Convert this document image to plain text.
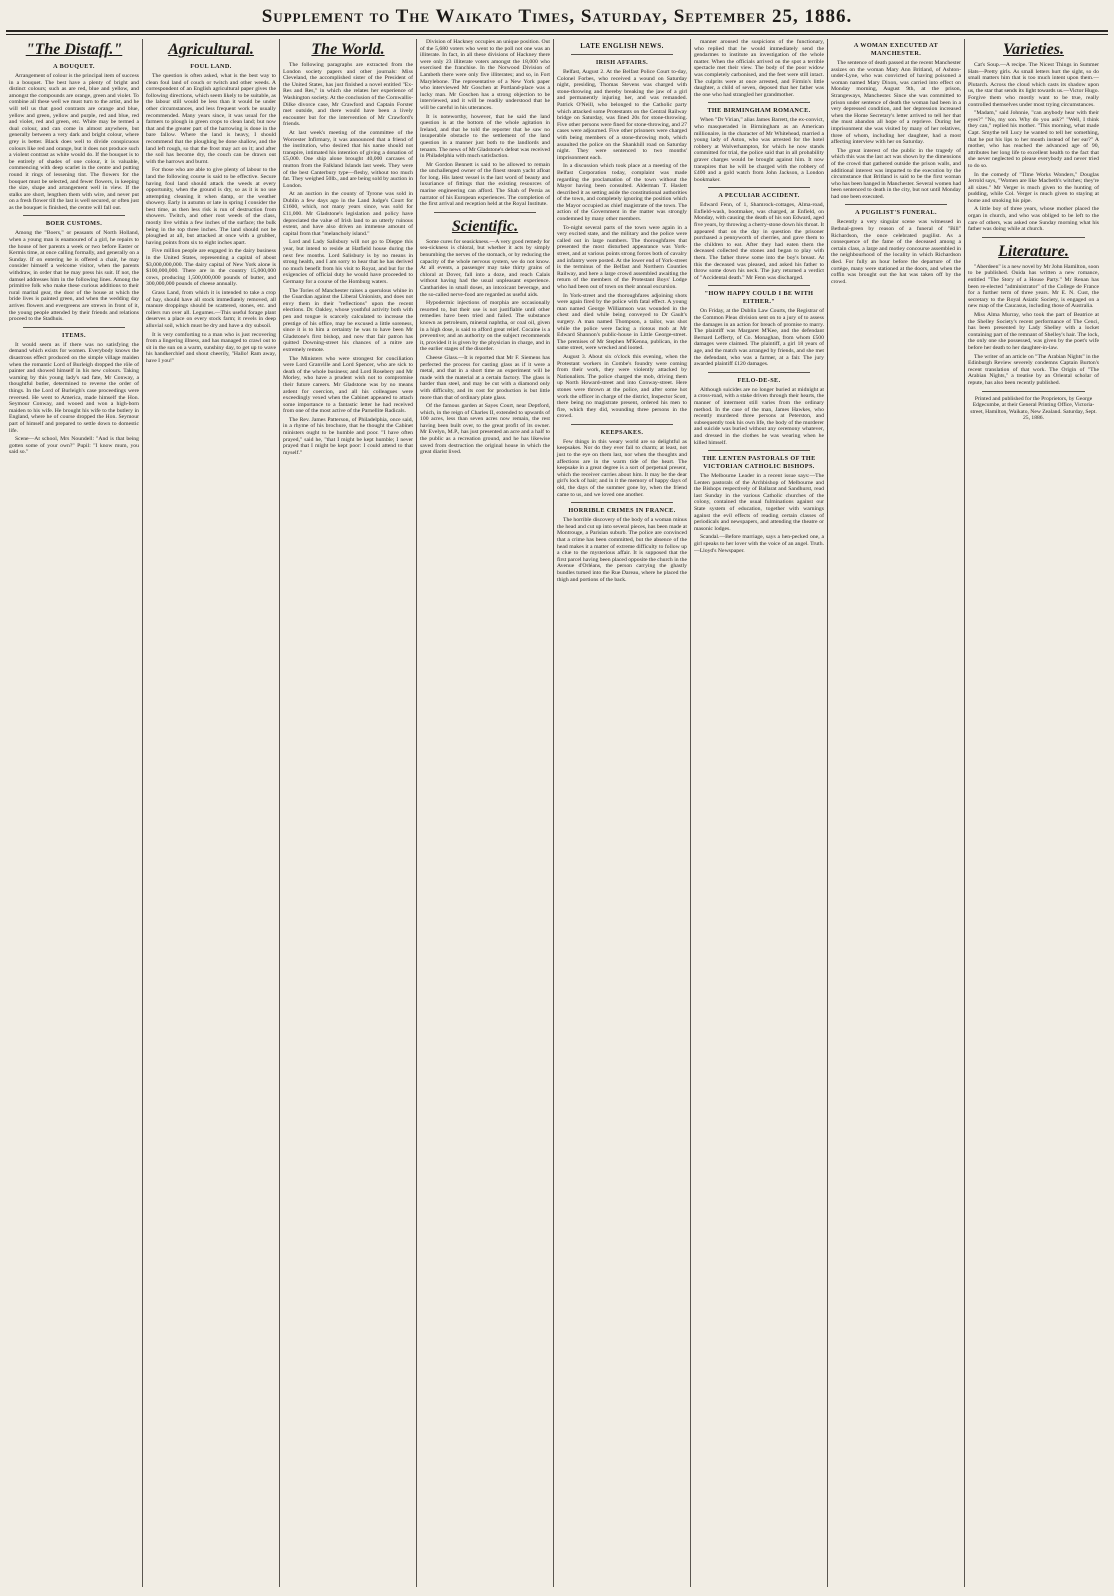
Supplement to The Waikato Times, Saturday, September 25, 1886.
"The Distaff."
A BOUQUET.

Arrangement of colour is the principal item of success in a bouquet. The best have a plenty of bright and distinct colours; such as are red, blue and yellow, and amongst the compounds are orange, green and violet. To combine all these well we must turn to the artist, and he will tell us that good contrasts are orange and blue, yellow and green, yellow and purple, red and blue, red and violet, red and green, etc. White may be termed a dual colour, and can come in almost anywhere, but generally between a very dark and bright colour, where grey is better. Black does well to divide conspicuous colours like red and orange, but it does not produce such a violent contrast as white would do. If the bouquet is to be entirely of shades of one colour, it is valuable, commencing with deep scarlet in the centre and putting round it rings of lessening tint. The flowers for the bouquet must be selected, and fewer flowers, in keeping the size, shape and arrangement well in view. If the stalks are short, lengthen them with wire, and never put on a fresh flower till the last is well secured, or often just as the bouquet is finished, the centre will fall out.

BOER CUSTOMS.

Among the "Boers," or peasants of North Holland, when a young man is enamoured of a girl, he repairs to the house of her parents a week or two before Easter or Kermis time, at once calling formally, and generally on a Sunday. If on entering he is offered a chair, he may consider himself a welcome visitor, when the parents withdraw, in order that he may press his suit. If not, the damsel addresses him in the following lines. Among the primitive folk who make these curious additions to their rural marital gear, the door of the house at which the bride lives is painted green, and when the wedding day arrives flowers and evergreens are strewn in front of it, the young people attended by their friends and relations proceed to the Stadhuis.

ITEMS.

It would seem as if there was no satisfying the demand which exists for women. Everybody knows the disastrous effect produced on the simple village maiden when the romantic Lord of Burleigh dropped the rôle of painter and showed himself in his new colours. Taking warning by this young lady's sad fate, Mr Conway, a thoughtful butler, determined to reverse the order of things. In the Lord of Burleigh's case proceedings were reversed. He went to America, made himself the Hon. Seymour Conway, and wooed and won a high-born maiden to his wife. He brought his wife to the butlery in England, where he of course dropped the Hon. Seymour part of himself and prepared to settle down to domestic life.

Scene—At school, Mrs Noundell: "And is that being gotten some of your own?" Pupil: "I know mum, you said so."

Agricultural.
FOUL LAND.

The question is often asked, what is the best way to clean foul land of couch or twitch and other weeds. A correspondent of an English agricultural paper gives the following directions, which seem likely to be suitable, as the labour still would be less than it would be under other circumstances, and less frequent work be usually recommended. Many years since, it was usual for the farmers to plough in green crops to clean land; but now that and the greater part of the harrowing is done in the bare fallow. Where the land is heavy, I should recommend that the ploughing be done shallow, and the land left rough, so that the frost may act on it; and after the soil has become dry, the couch can be drawn out with the harrows and burnt.

For those who are able to give plenty of labour to the land the following course is said to be effective. Secure having foul land should attack the weeds at every opportunity, when the ground is dry, so as it is no use attempting cleaning it when damp, or the weather showery. Early in autumn or late in spring I consider the best time, as then less risk is run of destruction from showers. Twitch, and other root weeds of the class, mostly live within a few inches of the surface; the bulk being in the top three inches. The land should not be ploughed at all, but attacked at once with a grubber, having points from six to eight inches apart.

Five million people are engaged in the dairy business in the United States, representing a capital of about $3,000,000,000. The dairy capital of New York alone is $100,000,000. There are in the country 15,000,000 cows, producing 1,500,000,000 pounds of butter, and 300,000,000 pounds of cheese annually.

Grass Land, from which it is intended to take a crop of hay, should have all stock immediately removed, all manure droppings should be scattered, stones, etc. and rollers run over all. Legumes.—This useful forage plant deserves a place on every stock farm; it revels in deep alluvial soil, which must be dry and have a dry subsoil.

It is very comforting to a man who is just recovering from a lingering illness, and has managed to crawl out to sit in the sun on a warm, sunshiny day, to get up to wave his handkerchief and shout cheerily, "Hallo! Ram away, have I you!"

The World.

The following paragraphs are extracted from the London society papers and other journals: Miss Cleveland, the accomplished sister of the President of the United States, has just finished a novel entitled "Ex-Res and Res," in which she relates her experience of Washington society. At the conclusion of the Cornwallis-Dilke divorce case, Mr Crawford and Captain Forster met outside, and there would have been a lively encounter but for the intervention of Mr Crawford's friends.

At last week's meeting of the committee of the Worcester Infirmary, it was announced that a friend of the institution, who desired that his name should not transpire, intimated his intention of giving a donation of £5,000. One ship alone brought 40,000 carcases of mutton from the Falkland Islands last week. They were of the best Canterbury type—fleshy, without too much fat. They weighed 50lb., and are being sold by auction in London.

At an auction in the county of Tyrone was sold in Dublin a few days ago in the Land Judge's Court for £1600, which, not many years since, was sold for £11,000. Mr Gladstone's legislation and policy have depreciated the value of Irish land to an utterly ruinous extent, and have also driven an immense amount of capital from that "melancholy island."

Lord and Lady Salisbury will not go to Dieppe this year, but intend to reside at Hatfield house during the next few months. Lord Salisbury is by no means in strong health, and I am sorry to hear that he has derived no much benefit from his visit to Royat, and but for the exigencies of official duty he would have proceeded to Germany for a course of the Homburg waters.

The Tories of Manchester raises a querulous whine in the Guardian against the Liberal Unionists, and does not envy them in their "reflections" upon the recent elections. Dr. Oakley, whose youthful activity both with pen and tongue is scarcely calculated to increase the prestige of his office, may be excused a little soreness, since it is to him a certainty he was to have been Mr Gladstone's first bishop, and now that fair patron has quitted Downing-street his chances of a mitre are extremely remote.

The Ministers who were strongest for conciliation were Lord Granville and Lord Spencer, who are sick to death of the whole business; and Lord Rosebery and Mr Morley, who have a prudent wish not to compromise their future careers. Mr Gladstone was by no means ardent for coercion, and all his colleagues were exceedingly vexed when the Cabinet appeared to attach some importance to a fantastic letter he had received from one of the most active of the Parnellite Radicals.

The Rev. James Patterson, of Philadelphia, once said, in a rhyme of his brochure, that he thought the Cabinet ministers ought to be humble and poor. "I have often prayed," said he, "that I might be kept humble; I never prayed that I might be kept poor: I could attend to that myself."

Division of Hackney occupies an unique position. Out of the 5,680 voters who went to the poll not one was an illiterate. In fact, in all these divisions of Hackney there were only 23 illiterate voters amongst the 18,000 who exercised the franchise. In the Norwood Division of Lambeth there were only five illiterates; and so, in Fort Marylebone. The representative of a New York paper who interviewed Mr Goschen at Portland-place was a lucky man. Mr Goschen has a strong objection to be interviewed, and it will be readily understood that he will be careful in his utterances.

It is noteworthy, however, that he said the land question is at the bottom of the whole agitation in Ireland, and that he told the reporter that he saw no insuperable obstacle to the settlement of the land question in a manner just both to the landlords and tenants. The news of Mr Gladstone's defeat was received in Philadelphia with much satisfaction.

Mr Gordon Bennett is said to be allowed to remain the unchallenged owner of the finest steam yacht afloat for long. His latest vessel is the last word of beauty and luxuriance of fittings that the existing resources of marine engineering can afford. The Shah of Persia as narrator of his European experiences. The completion of the first arrival and reception held at the Royal Institute.

Scientific.

Some cures for seasickness.—A very good remedy for sea-sickness is chloral, but whether it acts by simply benumbing the nerves of the stomach, or by reducing the capacity of the whole nervous system, we do not know. At all events, a passenger may take thirty grains of chloral at Dover, fall into a doze, and reach Calais without having had the usual unpleasant experience. Cantharides in small doses, an intoxicant beverage, and the so-called nerve-food are regarded as useful aids.

Hypodermic injections of morphia are occasionally resorted to, but their use is not justifiable until other remedies have been tried and failed. The substance known as petroleum, mineral naphtha, or coal oil, given in a high dose, is said to afford great relief. Cocaine is a preventive; and an authority on the subject recommends it, provided it is given by the physician in charge, and in the earlier stages of the disorder.

Cheese Glass.—It is reported that Mr F. Siemens has perfected the process for casting glass as if it were a metal, and that in a short time an experiment will be made with the material at a certain factory. The glass is harder than steel, and may be cut with a diamond only with difficulty, and its cost for production is but little more than that of ordinary plate glass.

Of the famous garden at Sayes Court, near Deptford, which, in the reign of Charles II, extended to upwards of 100 acres, less than seven acres now remain, the rest having been built over, to the great profit of its owner. Mr Evelyn, M.P., has just presented an acre and a half to the public as a recreation ground, and he has likewise saved from destruction the original house in which the great diarist lived.

LATE ENGLISH NEWS.
IRISH AFFAIRS.

Belfast, August 2. At the Belfast Police Court to-day, Colonel Forbes, who received a wound on Saturday night, presiding, Thomas Stevens was charged with stone-throwing and thereby breaking the jaw of a girl and permanently injuring her, and was remanded. Patrick O'Neill, who belonged to the Catholic party which attacked some Protestants on the Central Railway bridge on Saturday, was fined 20s for stone-throwing. Five other persons were fined for stone-throwing, and 27 cases were adjourned. Five other prisoners were charged with being members of a stone-throwing mob, which assaulted the police on the Shankhill road on Saturday night. They were sentenced to two months' imprisonment each.

In a discussion which took place at a meeting of the Belfast Corporation today, complaint was made regarding the proclamation of the town without the Mayor having been consulted. Alderman T. Haslett described it as setting aside the constitutional authorities of the town, and completely ignoring the position which the Mayor occupied as chief magistrate of the town. The action of the Government in the matter was strongly condemned by many other members.

To-night several parts of the town were again in a very excited state, and the military and the police were called out in large numbers. The thoroughfares that presented the most disturbed appearance was York-street, and at various points strong forces both of cavalry and infantry were posted. At the lower end of York-street is the terminus of the Belfast and Northern Counties Railway, and here a large crowd assembled awaiting the return of the members of the Protestant Boys' Lodge who had been out of town on their annual excursion.

In York-street and the thoroughfares adjoining shots were again fired by the police with fatal effect. A young man named George Williamson was wounded in the chest and died while being conveyed to Dr Gault's surgery. A man named Thompson, a tailor, was shot while the police were facing a riotous mob at Mr Edward Shannon's public-house in Little George-street. The premises of Mr Stephen M'Kenna, publican, in the same street, were wrecked and looted.

August 3. About six o'clock this evening, when the Protestant workers in Combe's foundry were coming from their work, they were violently attacked by Nationalists. The police charged the mob, driving them up North Howard-street and into Conway-street. Here stones were thrown at the police, and after some hot work the officer in charge of the district, Inspector Scott, there being no magistrate present, ordered his men to fire, which they did, wounding three persons in the crowd.

KEEPSAKES.

Few things in this weary world are so delightful as keepsakes. Nor do they ever fail to charm; at least, not just to the eye on them last, nor when the thoughts and affections are in the warm tide of the heart. The keepsake in a great degree is a sort of perpetual present, which the receiver carries about him. It may be the dear girl's lock of hair; and in it the memory of happy days of old, the days of the summer gone by, when the friend came to us, and we loved one another.

HORRIBLE CRIMES IN FRANCE.

The horrible discovery of the body of a woman minus the head and cut up into several pieces, has been made at Montrouge, a Parisian suburb. The police are convinced that a crime has been committed, but the absence of the head makes it a matter of extreme difficulty to follow up a clue to the mysterious affair. It is supposed that the first parcel having been placed opposite the church in the Avenue d'Orléans, the person carrying the ghastly bundles turned into the Rue Dareau, where he placed the thigh and portions of the back.

manner aroused the suspicions of the functionary, who replied that he would immediately send the gendarmes to institute an investigation of the whole matter. When the officials arrived on the spot a terrible spectacle met their view. The body of the poor widow was completely carbonised, and the feet were still intact. The culprits were at once arrested, and Firmin's little daughter, a child of seven, deposed that her father was the one who had strangled her grandmother.

THE BIRMINGHAM ROMANCE.

When "Dr Virian," alias James Barrett, the ex-convict, who masqueraded in Birmingham as an American millionaire, in the character of Mr Whitehead, married a young lady of Aston, who was arrested for the hotel robbery at Wolverhampton, for which he now stands committed for trial, the police said that in all probability graver charges would be brought against him. It now transpires that he will be charged with the robbery of £400 and a gold watch from John Jackson, a London bookmaker.

A PECULIAR ACCIDENT.

Edward Fenn, of 1, Shamrock-cottages, Alma-road, Enfield-wash, bootmaker, was charged, at Enfield, on Monday, with causing the death of his son Edward, aged five years, by throwing a cherry-stone down his throat. It appeared that on the day in question the prisoner purchased a pennyworth of cherries, and gave them to the children to eat. After they had eaten them the deceased collected the stones and began to play with them. The father threw some into the boy's breast. At this the deceased was pleased, and asked his father to throw some down his neck. The jury returned a verdict of "Accidental death." Mr Fenn was discharged.

"HOW HAPPY COULD I BE WITH EITHER."

On Friday, at the Dublin Law Courts, the Registrar of the Common Pleas division sent on to a jury of to assess the damages in an action for breach of promise to marry. The plaintiff was Margaret M'Kee, and the defendant Bernard Lefferty, of Co. Monaghan, from whom £500 damages were claimed. The plaintiff, a girl 18 years of age, and the match was arranged by friends, and she met the defendant, who was a farmer, at a fair. The jury awarded plaintiff £120 damages.

FELO-DE-SE.

Although suicides are no longer buried at midnight at a cross-road, with a stake driven through their hearts, the manner of interment still varies from the ordinary method. In the case of the man, James Hawkes, who recently murdered three persons at Peterston, and subsequently took his own life, the body of the murderer and suicide was buried without any ceremony whatever, and dressed in the clothes he was wearing when he killed himself.

THE LENTEN PASTORALS OF THE VICTORIAN CATHOLIC BISHOPS.

The Melbourne Leader in a recent issue says:—The Lenten pastorals of the Archbishop of Melbourne and the Bishops respectively of Ballarat and Sandhurst, read last Sunday in the various Catholic churches of the colony, contained the usual fulminations against our State system of education, together with warnings against the evil effects of reading certain classes of periodicals and newspapers, and attending the theatre or masonic lodges.

Scandal.—Before marriage, says a hen-pecked one, a girl speaks to her lover with the voice of an angel. Truth.—Lloyd's Newspaper.

A WOMAN EXECUTED AT MANCHESTER.

The sentence of death passed at the recent Manchester assizes on the woman Mary Ann Britland, of Ashton-under-Lyne, who was convicted of having poisoned a woman named Mary Dixon, was carried into effect on Monday morning, August 9th, at the prison, Strangeways, Manchester. Since she was committed to prison under sentence of death the woman had been in a very depressed condition, and her depression increased when the Home Secretary's letter arrived to tell her that she must abandon all hope of a reprieve. During her imprisonment she was visited by many of her relatives, three of whom, including her daughter, had a most affecting interview with her on Saturday.

The great interest of the public in the tragedy of which this was the last act was shown by the dimensions of the crowd that gathered outside the prison walls, and additional interest was imparted to the execution by the circumstance that Britland is said to be the first woman who has been hanged in Manchester. Several women had been sentenced to death in the city, but not until Monday had one been executed.

A PUGILIST'S FUNERAL.

Recently a very singular scene was witnessed in Bethnal-green by reason of a funeral of "Bill" Richardson, the once celebrated pugilist. As a consequence of the fame of the deceased among a certain class, a large and motley concourse assembled in the neighbourhood of the locality in which Richardson died. For fully an hour before the departure of the cortège, many were stationed at the doors, and when the coffin was brought out the hat was taken off by the crowd.

Varieties.

Cat's Soup.—A recipe. The Nicest Things in Summer Hats—Pretty girls. As small letters hurt the sight, so do small matters him that is too much intent upon them.—Plutarch. Across the cloud which casts its shadow upon us, the star that sends its light towards us.—Victor Hugo. Forgive them who mostly want to be true, really controlled themselves under most trying circumstances.

"Madam," said Johnnie, "can anybody hear with their eyes?" "No, my son. Why do you ask?" "Well, I think they can," replied his mother. "This morning, what made Capt. Smythe tell Lucy he wanted to tell her something, that he put his lips to her mouth instead of her ear?" A mother, who has reached the advanced age of 90, attributes her long life to excellent health to the fact that she never neglected to please everybody and never tried to do so.

In the comedy of "Time Works Wonders," Douglas Jerrold says, "Women are like Macbeth's witches; they're all sizes." Mr Verger is much given to the hunting of pudding, while Col. Verger is much given to staying at home and smoking his pipe.

A little boy of three years, whose mother placed the organ in church, and who was obliged to be left to the care of others, was asked one Sunday morning what his father was doing while at church.

Literature.

"Aberdeen" is a new novel by Mr John Hamilton, soon to be published. Ouida has written a new romance, entitled "The Story of a House Party." Mr Renan has been re-elected "administrator" of the College de France for a further term of three years. Mr E. N. Cust, the secretary to the Royal Asiatic Society, is engaged on a new map of the Caucasus, including those of Australia.

Miss Alma Murray, who took the part of Beatrice at the Shelley Society's recent performance of The Cenci, has been presented by Lady Shelley with a locket containing part of the remnant of Shelley's hair. The lock, the only one she possessed, was given by the poet's wife before her death to her daughter-in-law.

The writer of an article on "The Arabian Nights" in the Edinburgh Review severely condemns Captain Burton's recent translation of that work. The Origin of "The Arabian Nights," a treatise by an Oriental scholar of repute, has also been recently published.

Printed and published for the Proprietors, by George Edgecumbe, at their General Printing Office, Victoria-street, Hamilton, Waikato, New Zealand. Saturday, Sept. 25, 1886.
